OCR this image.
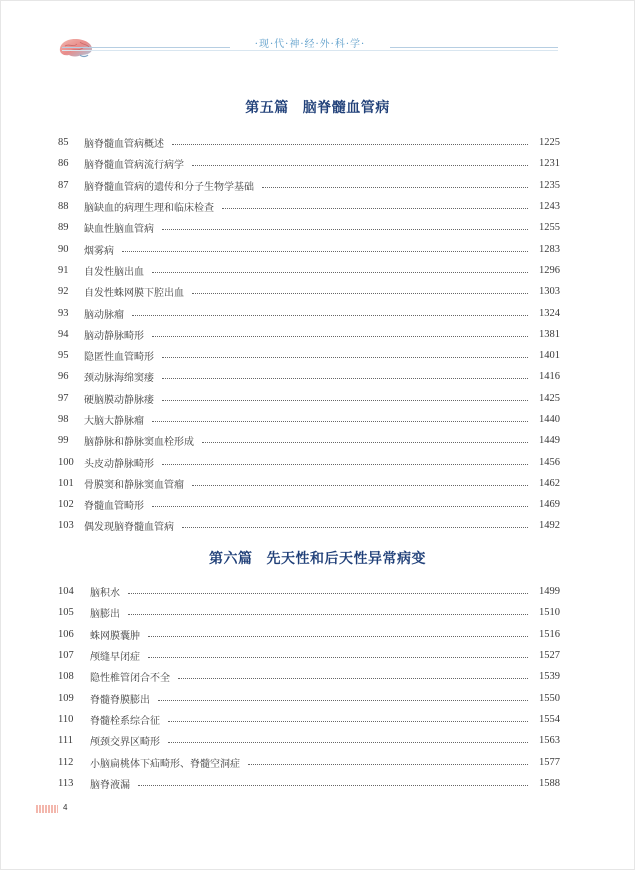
·现·代·神·经·外·科·学·
第五篇 脑脊髓血管病
85	脑脊髓血管病概述	1225
86	脑脊髓血管病流行病学	1231
87	脑脊髓血管病的遗传和分子生物学基础	1235
88	脑缺血的病理生理和临床检查	1243
89	缺血性脑血管病	1255
90	烟雾病	1283
91	自发性脑出血	1296
92	自发性蛛网膜下腔出血	1303
93	脑动脉瘤	1324
94	脑动静脉畸形	1381
95	隐匿性血管畸形	1401
96	颈动脉海绵窦瘘	1416
97	硬脑膜动静脉瘘	1425
98	大脑大静脉瘤	1440
99	脑静脉和静脉窦血栓形成	1449
100	头皮动静脉畸形	1456
101	骨膜窦和静脉窦血管瘤	1462
102	脊髓血管畸形	1469
103	偶发现脑脊髓血管病	1492
第六篇 先天性和后天性异常病变
104	脑积水	1499
105	脑膨出	1510
106	蛛网膜囊肿	1516
107	颅缝早闭症	1527
108	隐性椎管闭合不全	1539
109	脊髓脊膜膨出	1550
110	脊髓栓系综合征	1554
111	颅颈交界区畸形	1563
112	小脑扁桃体下疝畸形、脊髓空洞症	1577
113	脑脊液漏	1588
4
